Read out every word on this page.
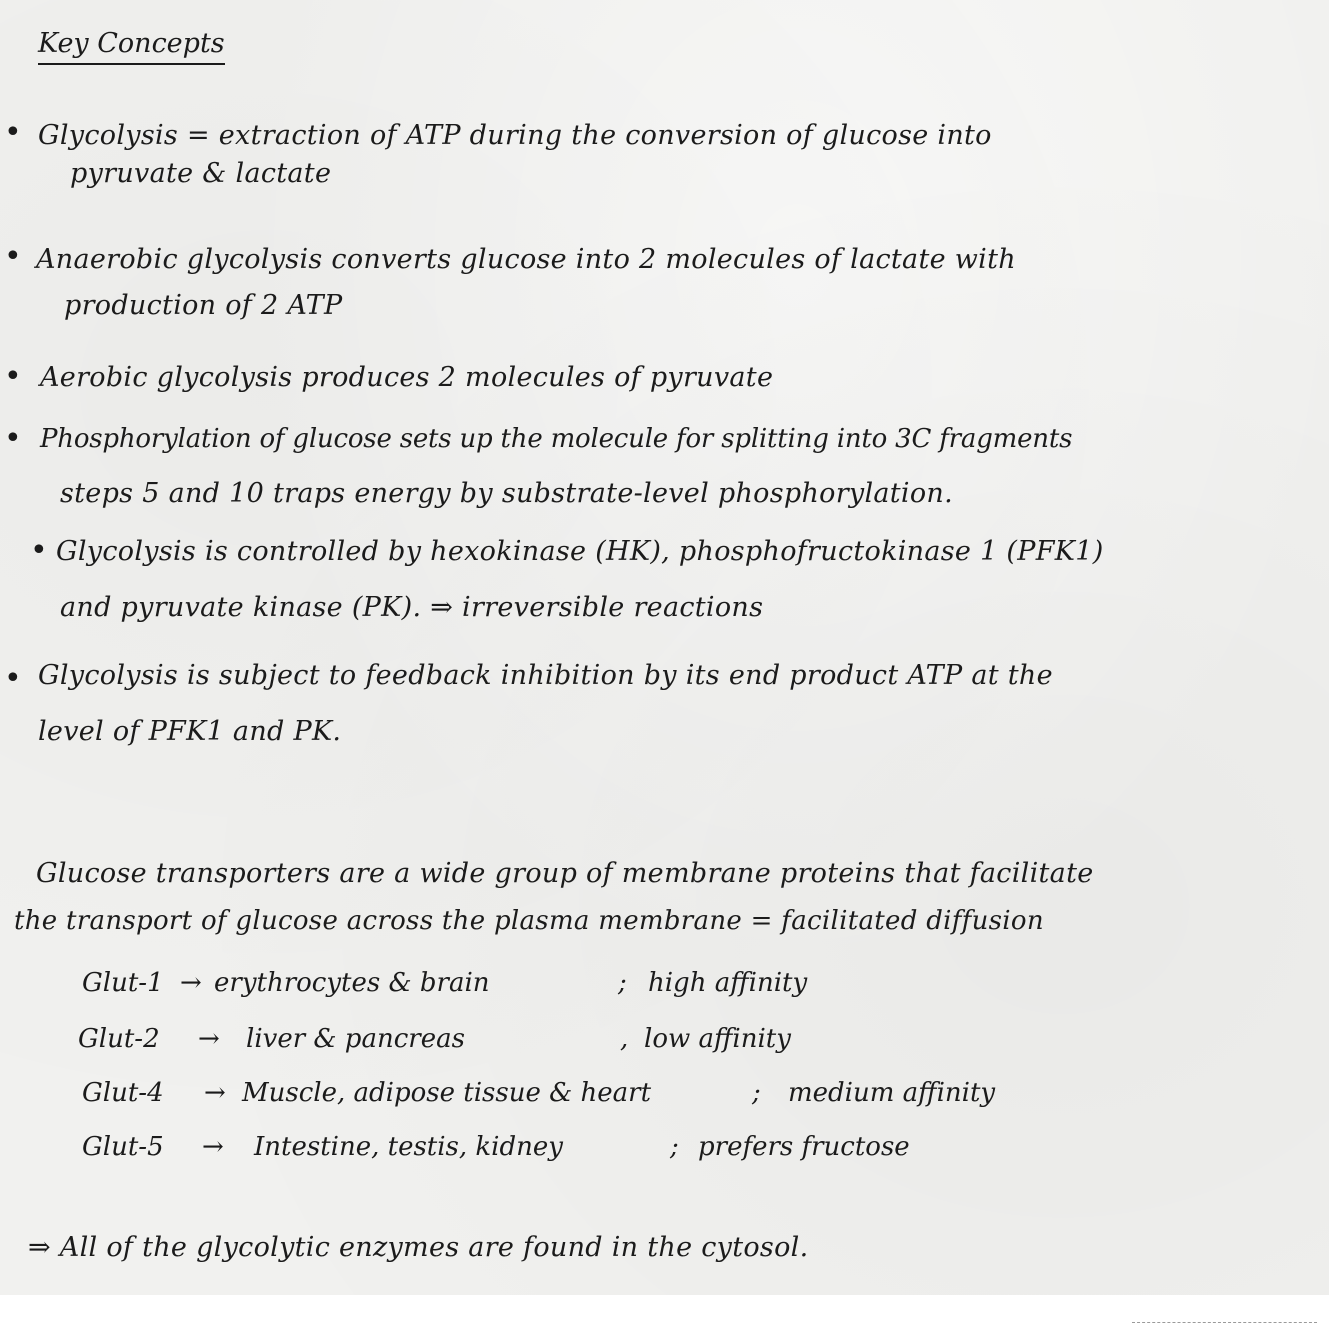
Key Concepts
• Glycolysis = extraction of ATP during the conversion of glucose into
pyruvate & lactate
• Anaerobic glycolysis converts glucose into 2 molecules of lactate with
production of 2 ATP
• Aerobic glycolysis produces 2 molecules of pyruvate
• Phosphorylation of glucose sets up the molecule for splitting into 3C fragments
steps 5 and 10 traps energy by substrate-level phosphorylation.
• Glycolysis is controlled by hexokinase (HK), phosphofructokinase 1 (PFK1)
and pyruvate kinase (PK). ⇒ irreversible reactions
• Glycolysis is subject to feedback inhibition by its end product ATP at the
level of PFK1 and PK.
Glucose transporters are a wide group of membrane proteins that facilitate
the transport of glucose across the plasma membrane = facilitated diffusion
Glut-1 → erythrocytes & brain	; high affinity
Glut-2 → liver & pancreas	, low affinity
Glut-4 → Muscle, adipose tissue & heart	; medium affinity
Glut-5 → Intestine, testis, kidney	; prefers fructose
⇒ All of the glycolytic enzymes are found in the cytosol.
